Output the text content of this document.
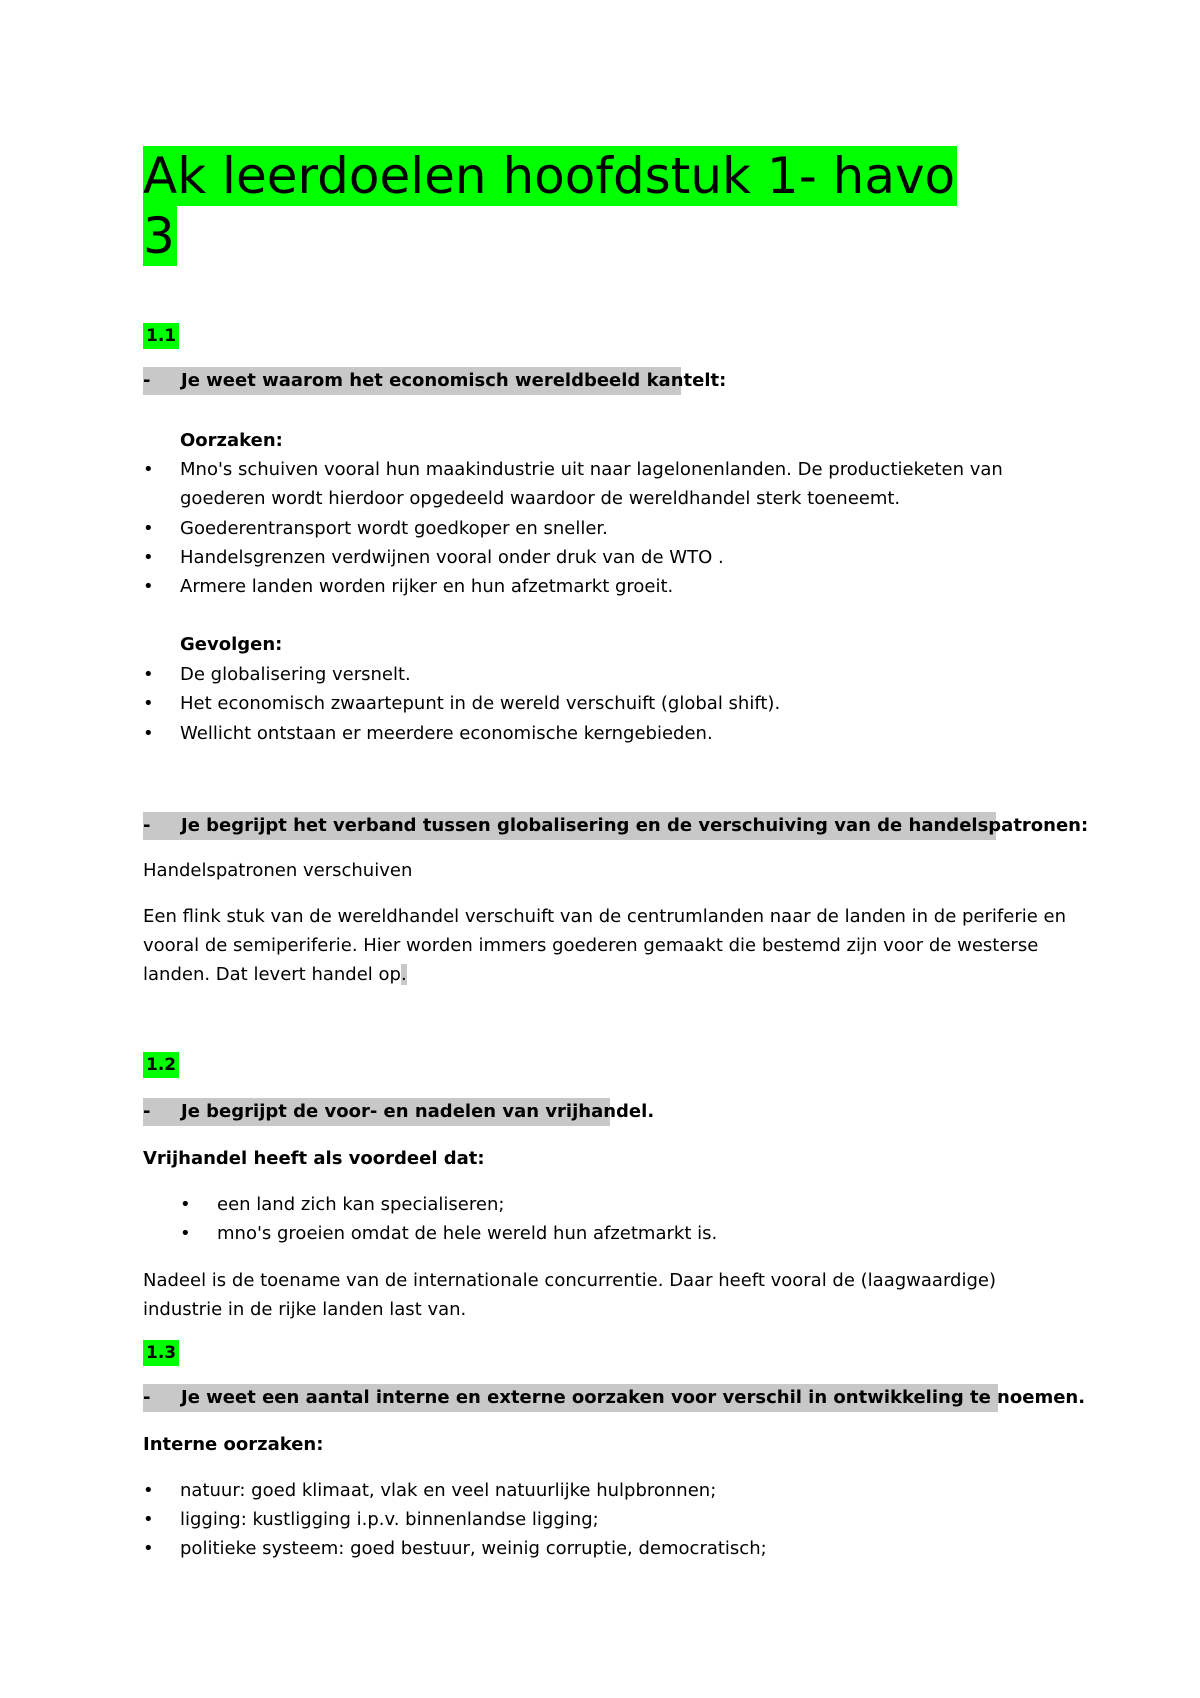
Ak leerdoelen hoofdstuk 1- havo
3
1.1
- Je weet waarom het economisch wereldbeeld kantelt:
Oorzaken:
• Mno's schuiven vooral hun maakindustrie uit naar lagelonenlanden. De productieketen van
goederen wordt hierdoor opgedeeld waardoor de wereldhandel sterk toeneemt.
• Goederentransport wordt goedkoper en sneller.
• Handelsgrenzen verdwijnen vooral onder druk van de WTO .
• Armere landen worden rijker en hun afzetmarkt groeit.
Gevolgen:
• De globalisering versnelt.
• Het economisch zwaartepunt in de wereld verschuift (global shift).
• Wellicht ontstaan er meerdere economische kerngebieden.
- Je begrijpt het verband tussen globalisering en de verschuiving van de handelspatronen:
Handelspatronen verschuiven
Een flink stuk van de wereldhandel verschuift van de centrumlanden naar de landen in de periferie en
vooral de semiperiferie. Hier worden immers goederen gemaakt die bestemd zijn voor de westerse
landen. Dat levert handel op.
1.2
- Je begrijpt de voor- en nadelen van vrijhandel.
Vrijhandel heeft als voordeel dat:
• een land zich kan specialiseren;
• mno's groeien omdat de hele wereld hun afzetmarkt is.
Nadeel is de toename van de internationale concurrentie. Daar heeft vooral de (laagwaardige)
industrie in de rijke landen last van.
1.3
- Je weet een aantal interne en externe oorzaken voor verschil in ontwikkeling te noemen.
Interne oorzaken:
• natuur: goed klimaat, vlak en veel natuurlijke hulpbronnen;
• ligging: kustligging i.p.v. binnenlandse ligging;
• politieke systeem: goed bestuur, weinig corruptie, democratisch;
